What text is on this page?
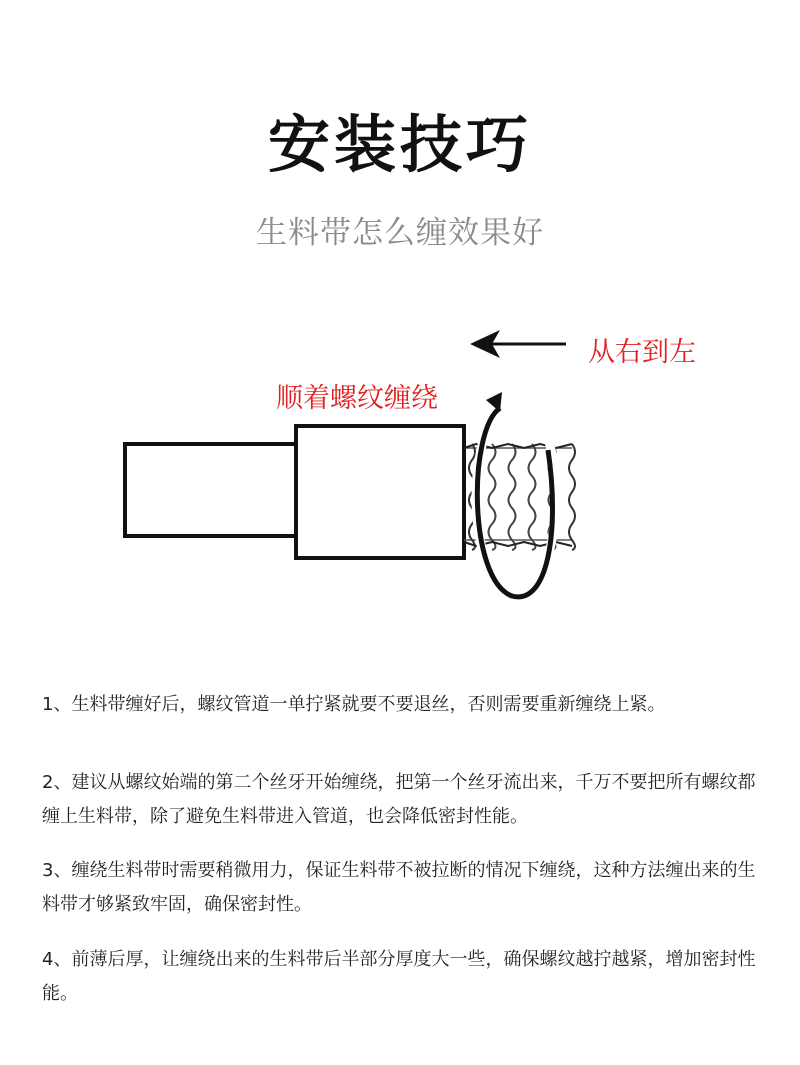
安装技巧
生料带怎么缠效果好
从右到左
顺着螺纹缠绕

1、生料带缠好后，螺纹管道一单拧紧就要不要退丝，否则需要重新缠绕上紧。

2、建议从螺纹始端的第二个丝牙开始缠绕，把第一个丝牙流出来，千万不要把所有螺纹都缠上生料带，除了避免生料带进入管道，也会降低密封性能。

3、缠绕生料带时需要稍微用力，保证生料带不被拉断的情况下缠绕，这种方法缠出来的生料带才够紧致牢固，确保密封性。

4、前薄后厚，让缠绕出来的生料带后半部分厚度大一些，确保螺纹越拧越紧，增加密封性能。
